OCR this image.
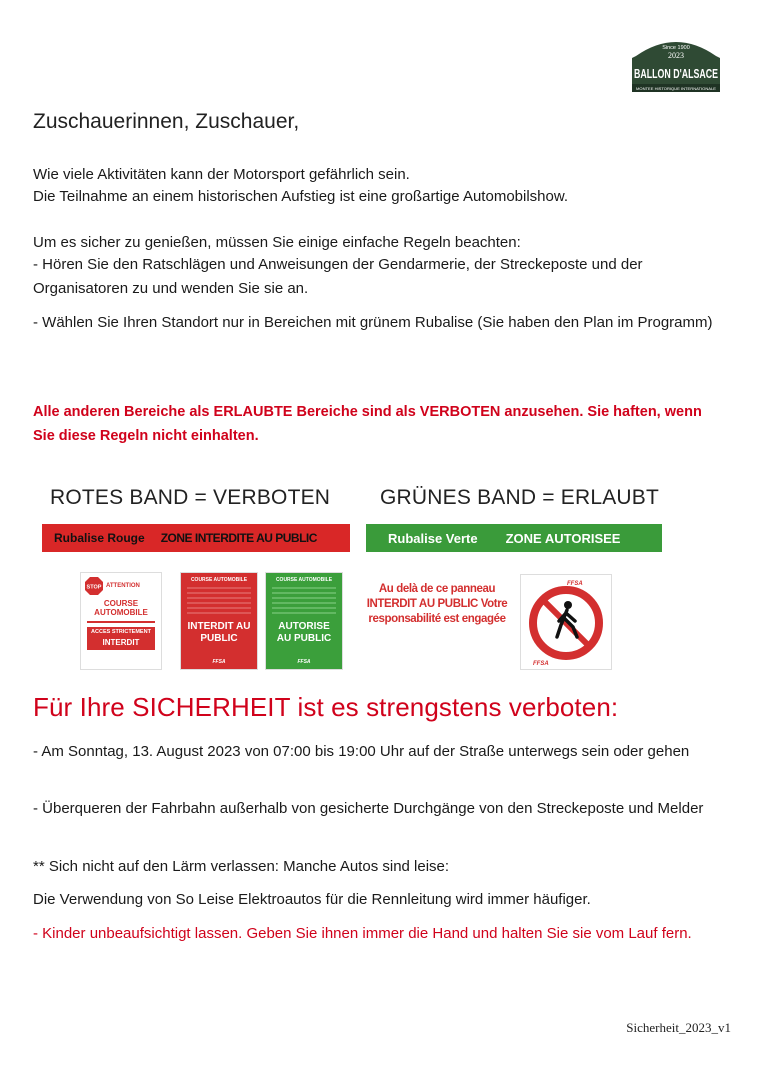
Since 1900
2023
BALLON D'ALSACE
MONTEE HISTORIQUE INTERNATIONALE
Zuschauerinnen, Zuschauer,

Wie viele Aktivitäten kann der Motorsport gefährlich sein.

Die Teilnahme an einem historischen Aufstieg ist eine großartige Automobilshow.

Um es sicher zu genießen, müssen Sie einige einfache Regeln beachten:

- Hören Sie den Ratschlägen und Anweisungen der Gendarmerie, der Streckeposte und der Organisatoren zu und wenden Sie sie an.

- Wählen Sie Ihren Standort nur in Bereichen mit grünem Rubalise (Sie haben den Plan im Programm)

Alle anderen Bereiche als ERLAUBTE Bereiche sind als VERBOTEN anzusehen. Sie haften, wenn Sie diese Regeln nicht einhalten.

ROTES BAND = VERBOTEN GRÜNES BAND = ERLAUBT
Rubalise Rouge ZONE INTERDITE AU PUBLIC	Rubalise Verte ZONE AUTORISEE
STOP ATTENTION
COURSE AUTOMOBILE
ACCES STRICTEMENT
INTERDIT
COURSE AUTOMOBILE
INTERDIT AU PUBLIC
FFSA
COURSE AUTOMOBILE
AUTORISE AU PUBLIC
FFSA
Au delà de ce panneau INTERDIT AU PUBLIC Votre responsabilité est engagée
FFSA
FFSA
Für Ihre SICHERHEIT ist es strengstens verboten:

- Am Sonntag, 13. August 2023 von 07:00 bis 19:00 Uhr auf der Straße unterwegs sein oder gehen

- Überqueren der Fahrbahn außerhalb von gesicherte Durchgänge von den Streckeposte und Melder

** Sich nicht auf den Lärm verlassen: Manche Autos sind leise:

Die Verwendung von So Leise Elektroautos für die Rennleitung wird immer häufiger.

- Kinder unbeaufsichtigt lassen. Geben Sie ihnen immer die Hand und halten Sie sie vom Lauf fern.

Sicherheit_2023_v1
